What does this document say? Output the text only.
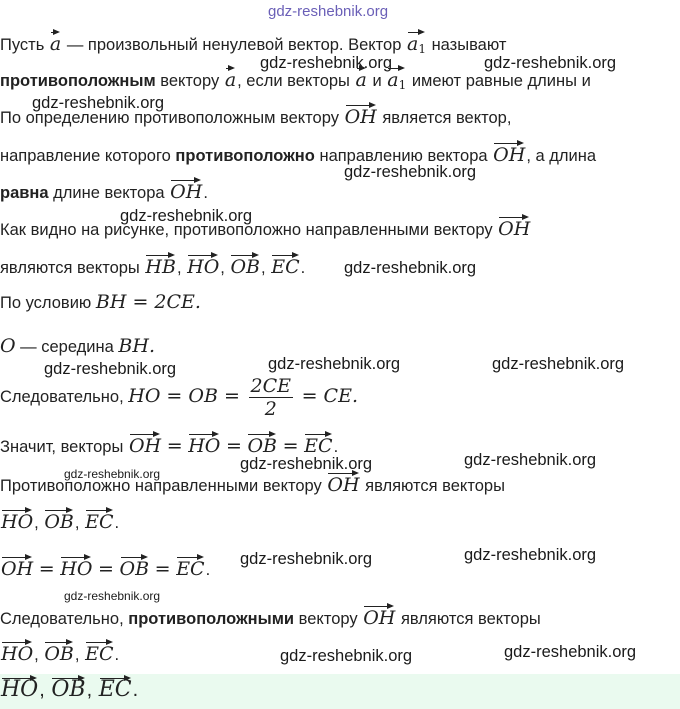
gdz-reshebnik.org
gdz-reshebnik.org	gdz-reshebnik.org
gdz-reshebnik.org
gdz-reshebnik.org
gdz-reshebnik.org
gdz-reshebnik.org
gdz-reshebnik.org	gdz-reshebnik.org
gdz-reshebnik.org
gdz-reshebnik.org	gdz-reshebnik.org
gdz-reshebnik.org
gdz-reshebnik.org	gdz-reshebnik.org
gdz-reshebnik.org
gdz-reshebnik.org	gdz-reshebnik.org
Пусть a — произвольный ненулевой вектор. Вектор $a_1$ называют
противоположным вектору a, если векторы a и $a_1$ имеют равные длины и
По определению противоположным вектору OH является вектор,
направление которого противоположно направлению вектора OH, а длина
равна длине вектора OH.
Как видно на рисунке, противоположно направленными вектору OH
являются векторы HB, HO, OB, EC.
По условию BH = 2CE.
O — середина BH.
Следовательно, HO = OB = $\frac{2CE}{2}$ = CE.
Значит, векторы OH = HO = OB = EC.
Противоположно направленными вектору OH являются векторы
HO, OB, EC.
OH = HO = OB = EC.
Следовательно, противоположными вектору OH являются векторы
HO, OB, EC.
HO, OB, EC.
